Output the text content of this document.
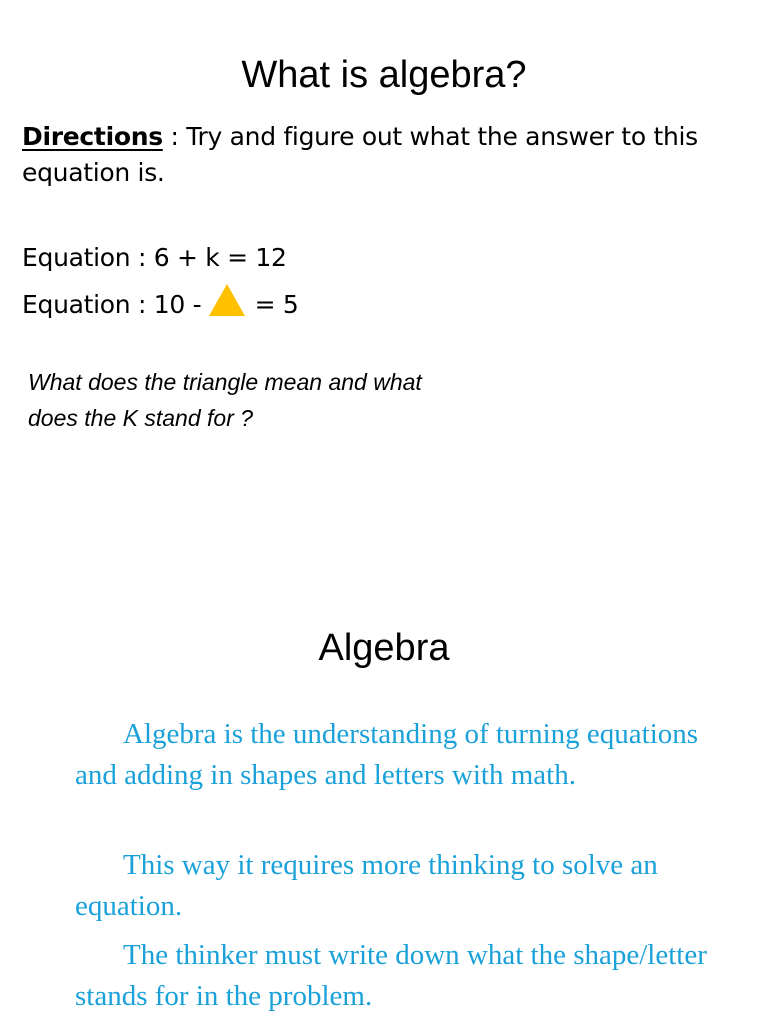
What is algebra?
Directions : Try and figure out what the answer to this equation is.
Equation : 6 + k = 12
Equation : 10 -  = 5
What does the triangle mean and what does the K stand for ?
Algebra
Algebra is the understanding of turning equations and adding in shapes and letters with math.
This way it requires more thinking to solve an equation.
The thinker must write down what the shape/letter stands for in the problem.
